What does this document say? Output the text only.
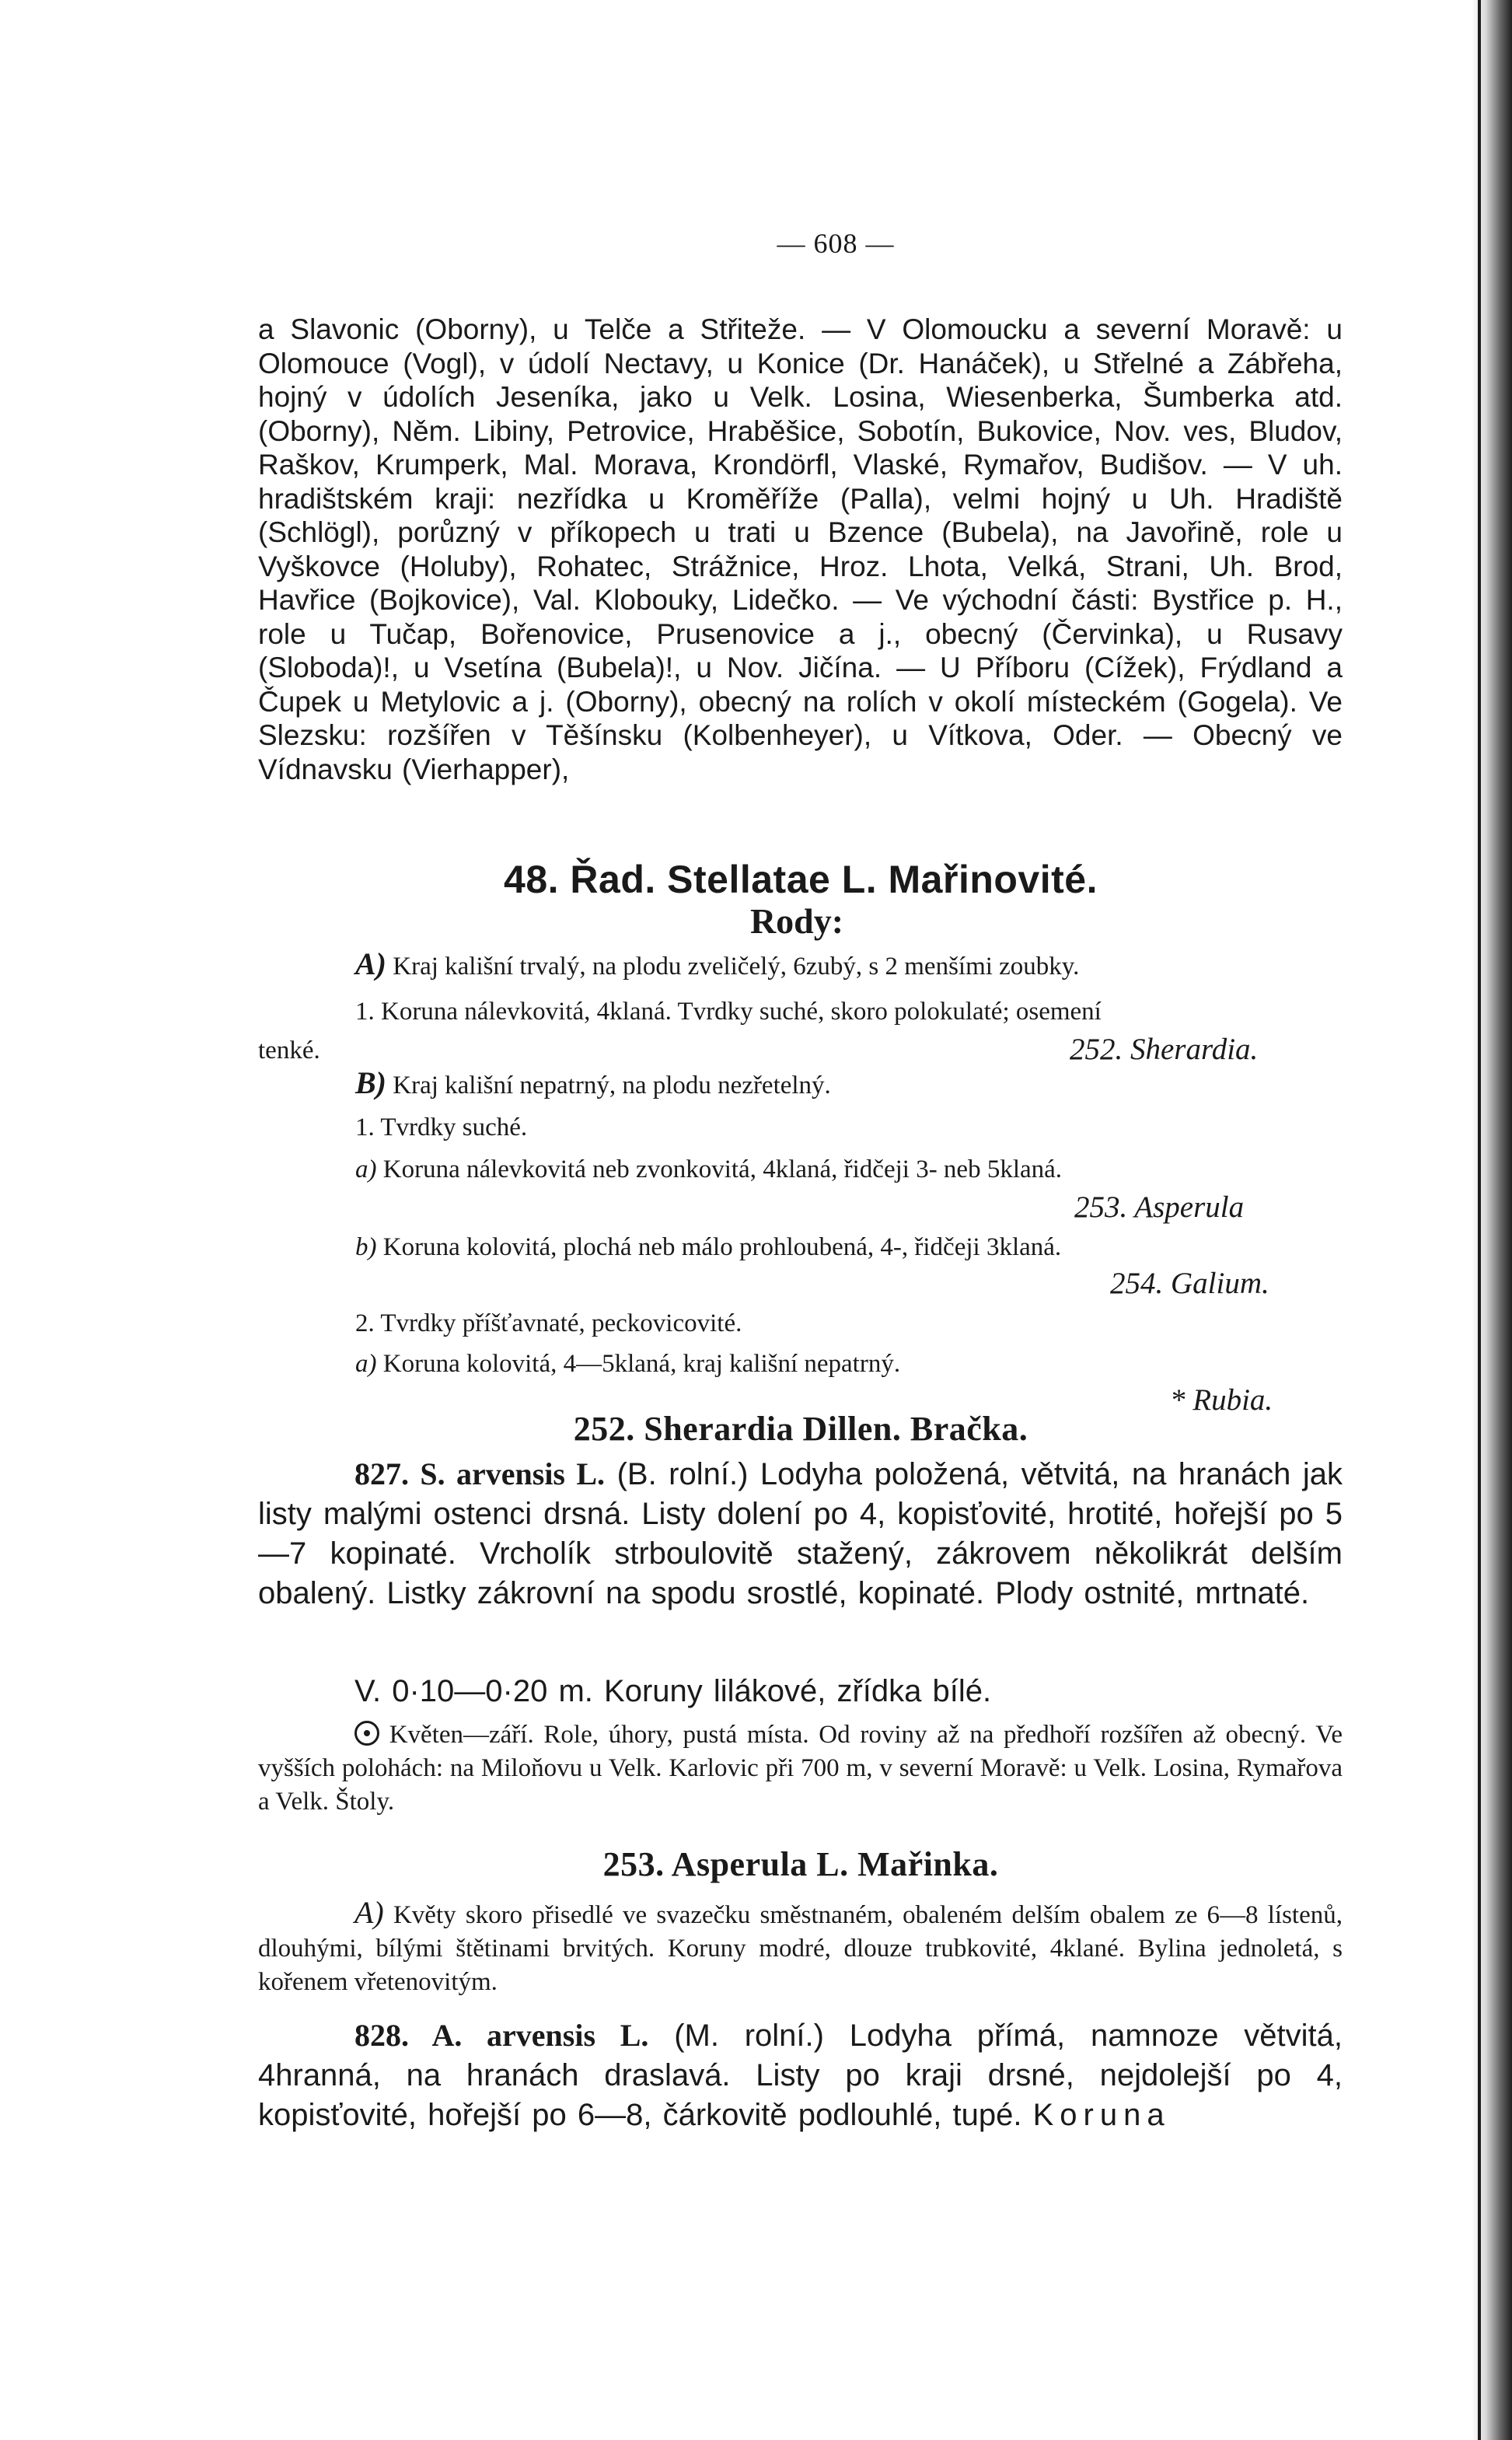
— 608 —

a Slavonic (Oborny), u Telče a Střiteže. — V Olomoucku a severní Moravě: u Olomouce (Vogl), v údolí Nectavy, u Konice (Dr. Hanáček), u Střelné a Zábřeha, hojný v údolích Jeseníka, jako u Velk. Losina, Wiesenberka, Šumberka atd. (Oborny), Něm. Libiny, Petrovice, Hraběšice, Sobotín, Bukovice, Nov. ves, Bludov, Raškov, Krumperk, Mal. Morava, Krondörfl, Vlaské, Rymařov, Budišov. — V uh. hradištském kraji: nezřídka u Kroměříže (Palla), velmi hojný u Uh. Hradiště (Schlögl), porůzný v příkopech u trati u Bzence (Bubela), na Javořině, role u Vyškovce (Holuby), Rohatec, Strážnice, Hroz. Lhota, Velká, Strani, Uh. Brod, Havřice (Bojkovice), Val. Klobouky, Lidečko. — Ve východní části: Bystřice p. H., role u Tučap, Bořenovice, Prusenovice a j., obecný (Červinka), u Rusavy (Sloboda)!, u Vsetína (Bubela)!, u Nov. Jičína. — U Příboru (Cížek), Frýdland a Čupek u Metylovic a j. (Oborny), obecný na rolích v okolí místeckém (Gogela). Ve Slezsku: rozšířen v Těšínsku (Kolbenheyer), u Vítkova, Oder. — Obecný ve Vídnavsku (Vierhapper),

48. Řad. Stellatae L. Mařinovité.
Rody:
A) Kraj kališní trvalý, na plodu zveličelý, 6zubý, s 2 menšími zoubky.
1. Koruna nálevkovitá, 4klaná. Tvrdky suché, skoro polokulaté; osemení
tenké.	252. Sherardia.
B) Kraj kališní nepatrný, na plodu nezřetelný.
1. Tvrdky suché.
a) Koruna nálevkovitá neb zvonkovitá, 4klaná, řidčeji 3- neb 5klaná.
253. Asperula
b) Koruna kolovitá, plochá neb málo prohloubená, 4-, řidčeji 3klaná.
254. Galium.
2. Tvrdky příšťavnaté, peckovicovité.
a) Koruna kolovitá, 4—5klaná, kraj kališní nepatrný.
* Rubia.
252. Sherardia Dillen. Bračka.

827. S. arvensis L. (B. rolní.) Lodyha položená, větvitá, na hranách jak listy malými ostenci drsná. Listy dolení po 4, kopisťovité, hrotité, hořejší po 5—7 kopinaté. Vrcholík strboulovitě stažený, zákrovem několikrát delším obalený. Listky zákrovní na spodu srostlé, kopinaté. Plody ostnité, mrtnaté.

V. 0·10—0·20 m. Koruny lilákové, zřídka bílé.

Květen—září. Role, úhory, pustá místa. Od roviny až na předhoří rozšířen až obecný. Ve vyšších polohách: na Miloňovu u Velk. Karlovic při 700 m, v severní Moravě: u Velk. Losina, Rymařova a Velk. Štoly.

253. Asperula L. Mařinka.

A) Květy skoro přisedlé ve svazečku směstnaném, obaleném delším obalem ze 6—8 lístenů, dlouhými, bílými štětinami brvitých. Koruny modré, dlouze trubkovité, 4klané. Bylina jednoletá, s kořenem vřetenovitým.

828. A. arvensis L. (M. rolní.) Lodyha přímá, namnoze větvitá, 4hranná, na hranách draslavá. Listy po kraji drsné, nejdolejší po 4, kopisťovité, hořejší po 6—8, čárkovitě podlouhlé, tupé. Koruna
